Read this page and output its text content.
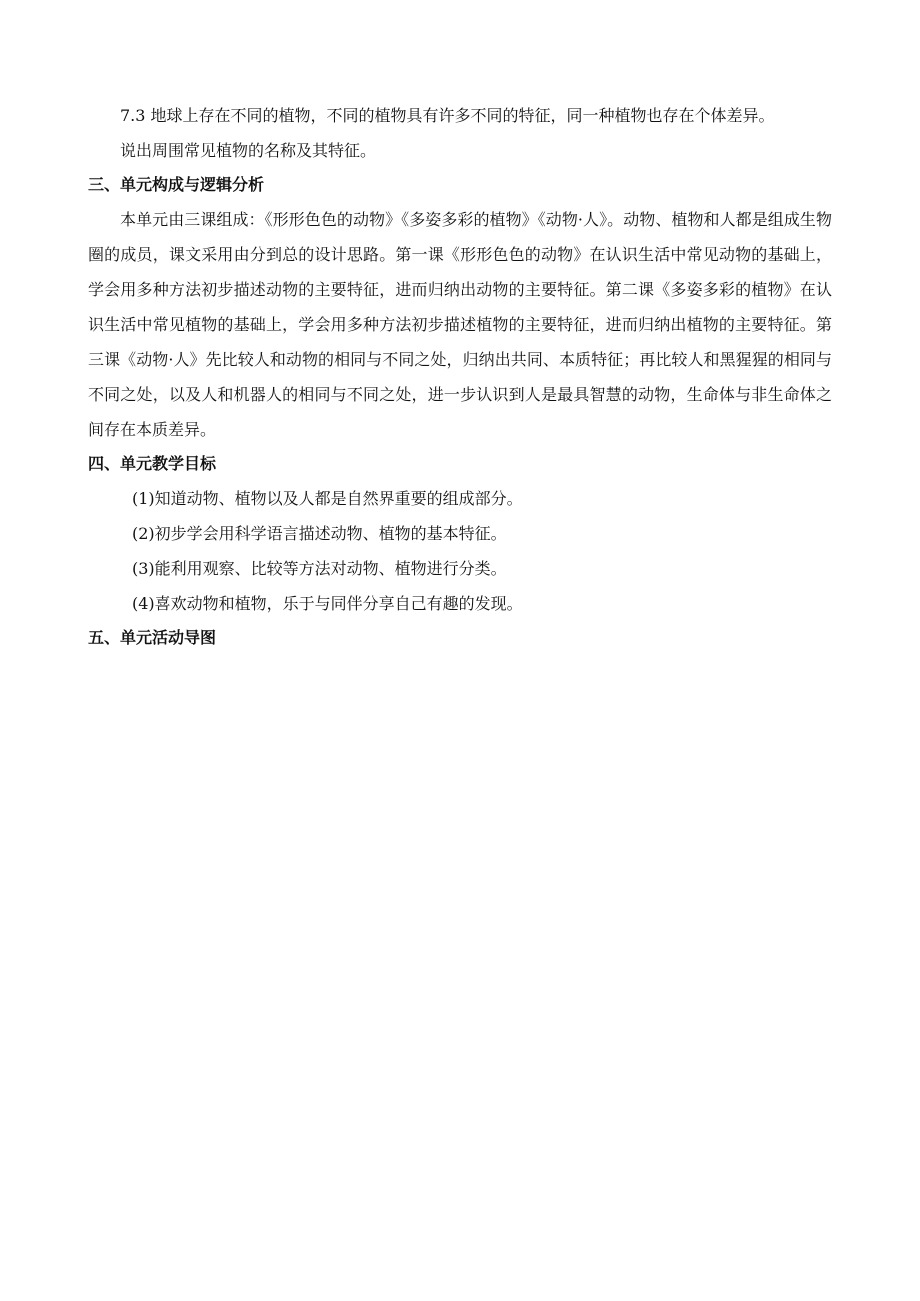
7.3 地球上存在不同的植物，不同的植物具有许多不同的特征，同一种植物也存在个体差异。

说出周围常见植物的名称及其特征。

三、单元构成与逻辑分析

本单元由三课组成：《形形色色的动物》《多姿多彩的植物》《动物·人》。动物、植物和人都是组成生物圈的成员，课文采用由分到总的设计思路。第一课《形形色色的动物》在认识生活中常见动物的基础上，学会用多种方法初步描述动物的主要特征，进而归纳出动物的主要特征。第二课《多姿多彩的植物》在认识生活中常见植物的基础上，学会用多种方法初步描述植物的主要特征，进而归纳出植物的主要特征。第三课《动物·人》先比较人和动物的相同与不同之处，归纳出共同、本质特征；再比较人和黑猩猩的相同与不同之处，以及人和机器人的相同与不同之处，进一步认识到人是最具智慧的动物，生命体与非生命体之间存在本质差异。

四、单元教学目标

(1)知道动物、植物以及人都是自然界重要的组成部分。

(2)初步学会用科学语言描述动物、植物的基本特征。

(3)能利用观察、比较等方法对动物、植物进行分类。

(4)喜欢动物和植物，乐于与同伴分享自己有趣的发现。

五、单元活动导图
